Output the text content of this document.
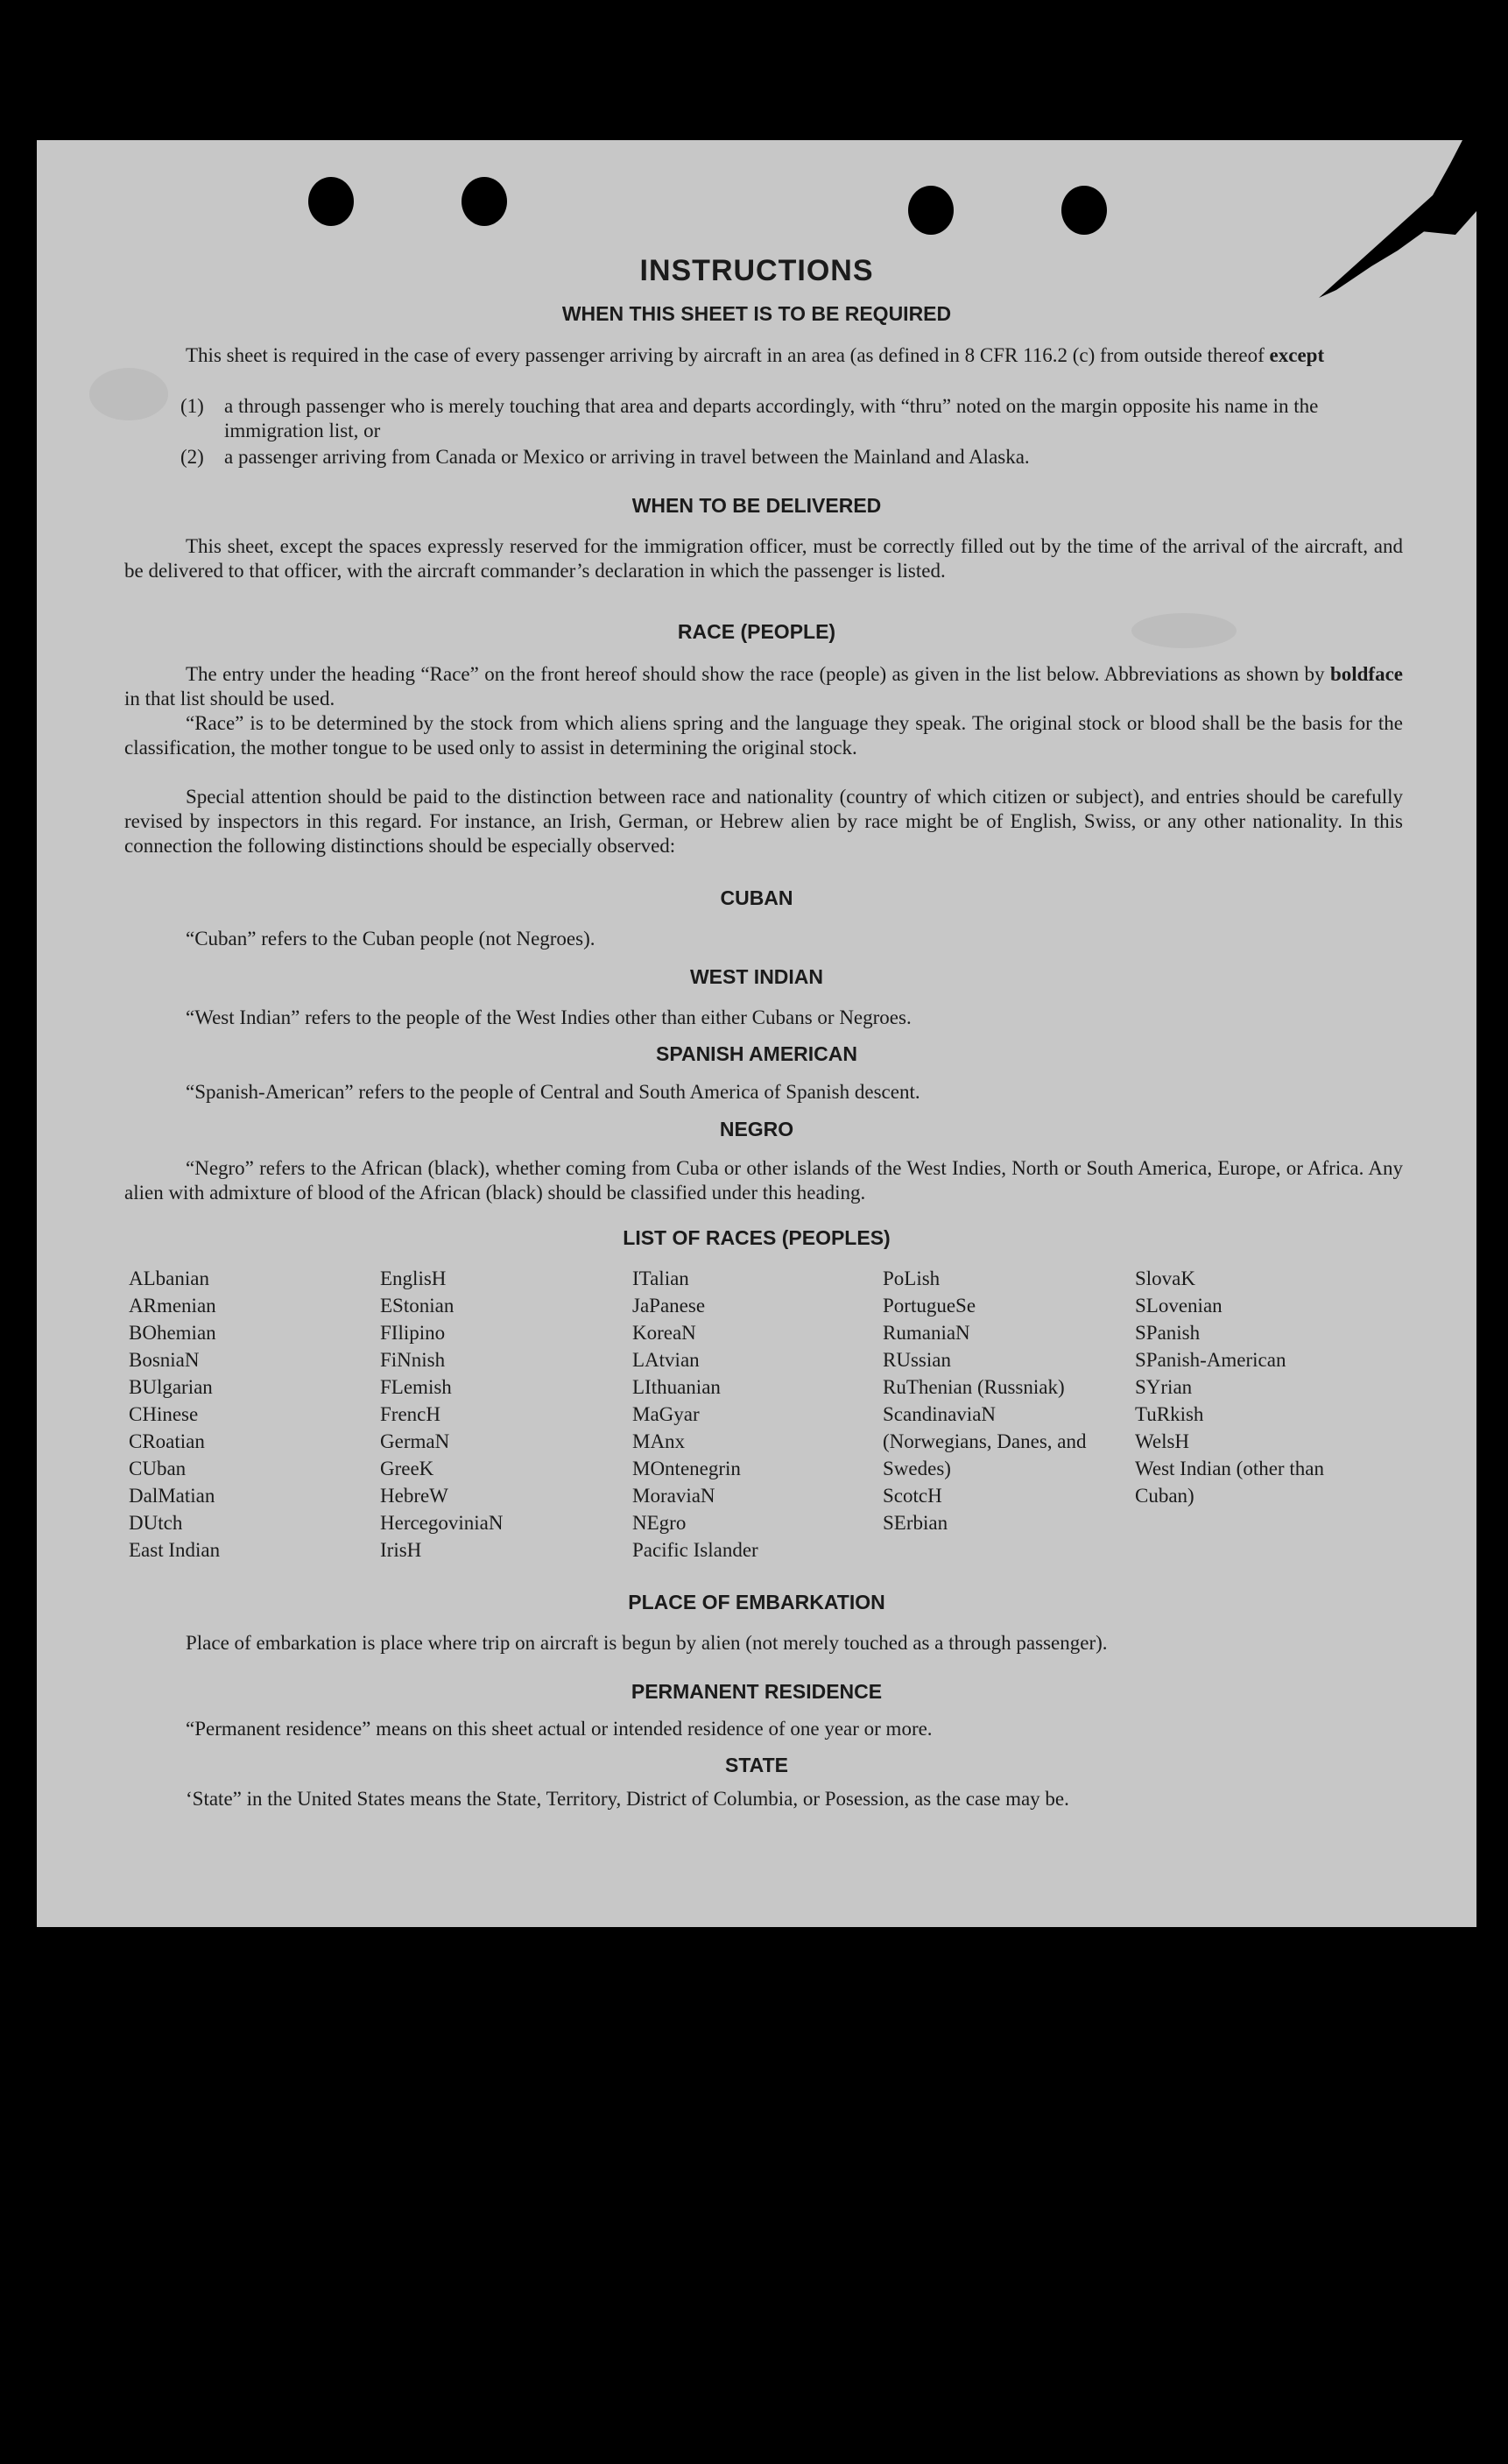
INSTRUCTIONS
WHEN THIS SHEET IS TO BE REQUIRED
This sheet is required in the case of every passenger arriving by aircraft in an area (as defined in 8 CFR 116.2 (c) from outside thereof except
(1) a through passenger who is merely touching that area and departs accordingly, with “thru” noted on the margin opposite his name in the immigration list, or
(2) a passenger arriving from Canada or Mexico or arriving in travel between the Mainland and Alaska.
WHEN TO BE DELIVERED
This sheet, except the spaces expressly reserved for the immigration officer, must be correctly filled out by the time of the arrival of the aircraft, and be delivered to that officer, with the aircraft commander’s declaration in which the passenger is listed.
RACE (PEOPLE)
The entry under the heading “Race” on the front hereof should show the race (people) as given in the list below. Abbreviations as shown by boldface in that list should be used.
“Race” is to be determined by the stock from which aliens spring and the language they speak. The original stock or blood shall be the basis for the classification, the mother tongue to be used only to assist in determining the original stock.
Special attention should be paid to the distinction between race and nationality (country of which citizen or subject), and entries should be carefully revised by inspectors in this regard. For instance, an Irish, German, or Hebrew alien by race might be of English, Swiss, or any other nationality. In this connection the following distinctions should be especially observed:
CUBAN
“Cuban” refers to the Cuban people (not Negroes).
WEST INDIAN
“West Indian” refers to the people of the West Indies other than either Cubans or Negroes.
SPANISH AMERICAN
“Spanish-American” refers to the people of Central and South America of Spanish descent.
NEGRO
“Negro” refers to the African (black), whether coming from Cuba or other islands of the West Indies, North or South America, Europe, or Africa. Any alien with admixture of blood of the African (black) should be classified under this heading.
LIST OF RACES (PEOPLES)
ALbanian
ARmenian
BOhemian
BosniaN
BUlgarian
CHinese
CRoatian
CUban
DalMatian
DUtch
East Indian
EnglisH
EStonian
FIlipino
FiNnish
FLemish
FrencH
GermaN
GreeK
HebreW
HercegoviniaN
IrisH
ITalian
JaPanese
KoreaN
LAtvian
LIthuanian
MaGyar
MAnx
MOntenegrin
MoraviaN
NEgro
Pacific Islander
PoLish
PortugueSe
RumaniaN
RUssian
RuThenian (Russniak)
ScandinaviaN (Norwegians, Danes, and Swedes)
ScotcH
SErbian
SlovaK
SLovenian
SPanish
SPanish-American
SYrian
TuRkish
WelsH
West Indian (other than Cuban)
PLACE OF EMBARKATION
Place of embarkation is place where trip on aircraft is begun by alien (not merely touched as a through passenger).
PERMANENT RESIDENCE
“Permanent residence” means on this sheet actual or intended residence of one year or more.
STATE
‘State” in the United States means the State, Territory, District of Columbia, or Posession, as the case may be.
